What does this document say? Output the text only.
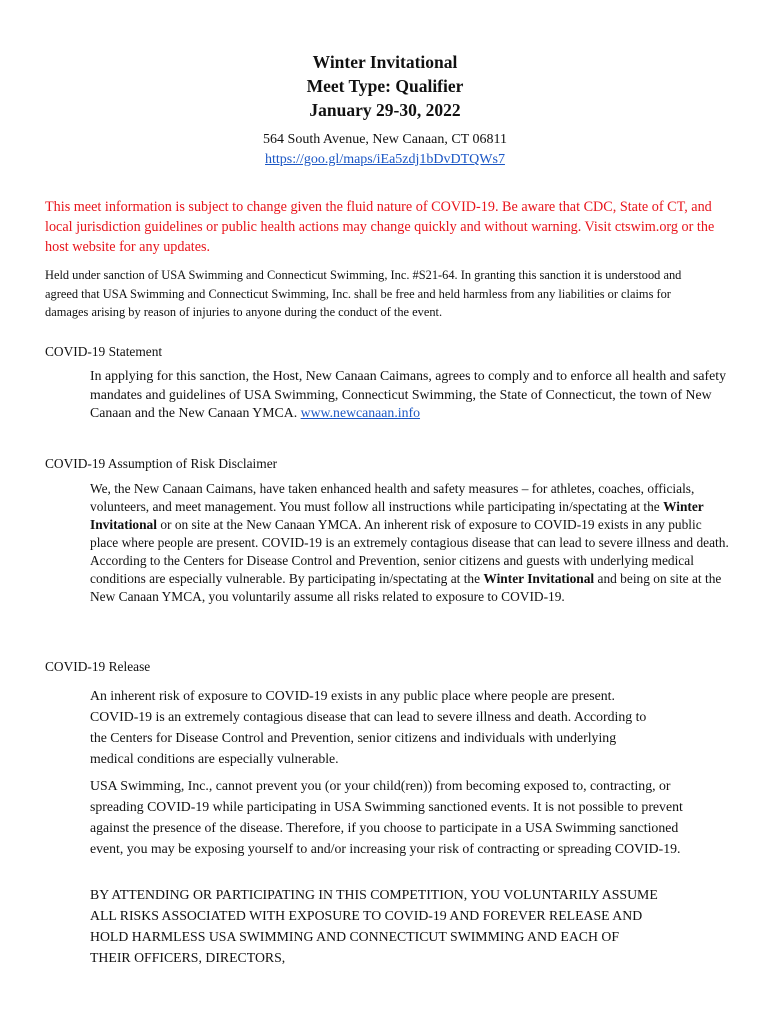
Winter Invitational
Meet Type: Qualifier
January 29-30, 2022
564 South Avenue, New Canaan, CT 06811
https://goo.gl/maps/iEa5zdj1bDvDTQWs7
This meet information is subject to change given the fluid nature of COVID-19. Be aware that CDC, State of CT, and local jurisdiction guidelines or public health actions may change quickly and without warning. Visit ctswim.org or the host website for any updates.
Held under sanction of USA Swimming and Connecticut Swimming, Inc. #S21-64. In granting this sanction it is understood and agreed that USA Swimming and Connecticut Swimming, Inc. shall be free and held harmless from any liabilities or claims for damages arising by reason of injuries to anyone during the conduct of the event.
COVID-19 Statement
In applying for this sanction, the Host, New Canaan Caimans, agrees to comply and to enforce all health and safety mandates and guidelines of USA Swimming, Connecticut Swimming, the State of Connecticut, the town of New Canaan and the New Canaan YMCA. www.newcanaan.info
COVID-19 Assumption of Risk Disclaimer
We, the New Canaan Caimans, have taken enhanced health and safety measures – for athletes, coaches, officials, volunteers, and meet management. You must follow all instructions while participating in/spectating at the Winter Invitational or on site at the New Canaan YMCA. An inherent risk of exposure to COVID-19 exists in any public place where people are present. COVID-19 is an extremely contagious disease that can lead to severe illness and death. According to the Centers for Disease Control and Prevention, senior citizens and guests with underlying medical conditions are especially vulnerable. By participating in/spectating at the Winter Invitational and being on site at the New Canaan YMCA, you voluntarily assume all risks related to exposure to COVID-19.
COVID-19 Release
An inherent risk of exposure to COVID-19 exists in any public place where people are present. COVID-19 is an extremely contagious disease that can lead to severe illness and death. According to the Centers for Disease Control and Prevention, senior citizens and individuals with underlying medical conditions are especially vulnerable.
USA Swimming, Inc., cannot prevent you (or your child(ren)) from becoming exposed to, contracting, or spreading COVID-19 while participating in USA Swimming sanctioned events. It is not possible to prevent against the presence of the disease. Therefore, if you choose to participate in a USA Swimming sanctioned event, you may be exposing yourself to and/or increasing your risk of contracting or spreading COVID-19.
BY ATTENDING OR PARTICIPATING IN THIS COMPETITION, YOU VOLUNTARILY ASSUME ALL RISKS ASSOCIATED WITH EXPOSURE TO COVID-19 AND FOREVER RELEASE AND HOLD HARMLESS USA SWIMMING AND CONNECTICUT SWIMMING AND EACH OF THEIR OFFICERS, DIRECTORS,
